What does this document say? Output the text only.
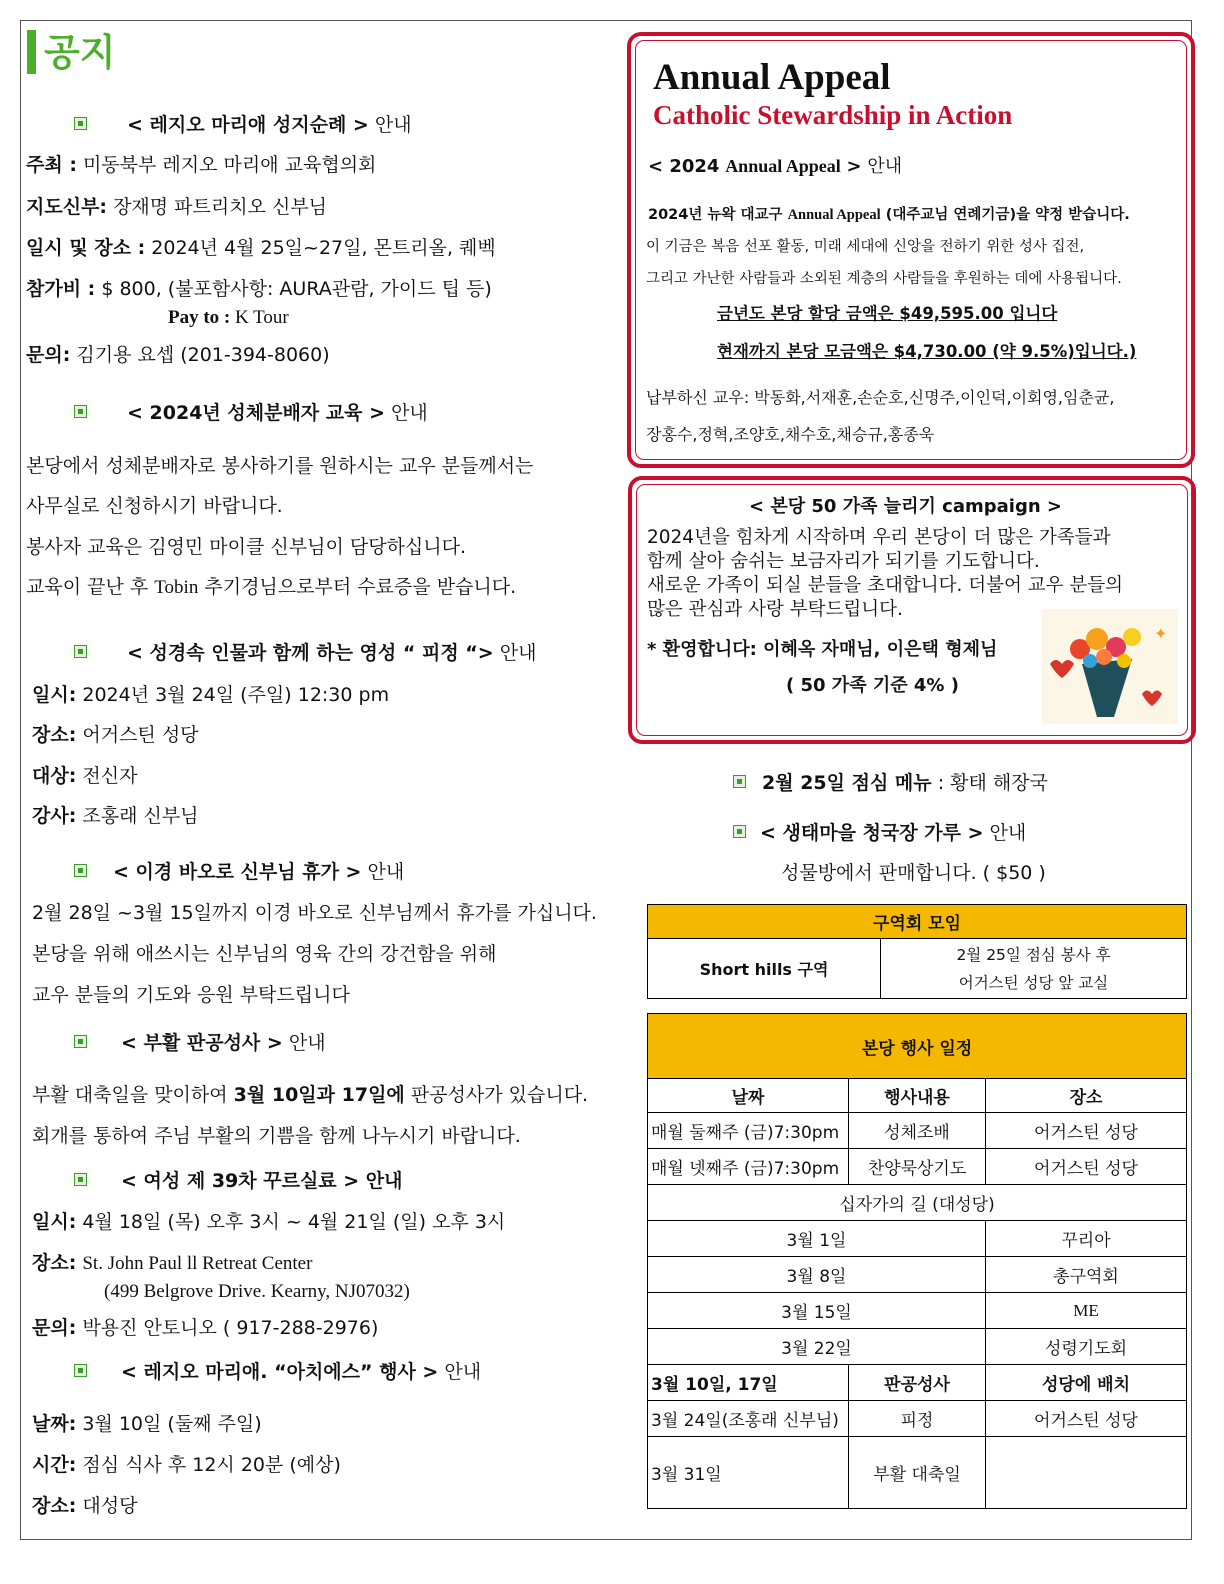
공지
< 레지오 마리애 성지순례 > 안내
주최 : 미동북부 레지오 마리애 교육협의회
지도신부: 장재명 파트리치오 신부님
일시 및 장소 : 2024년 4월 25일~27일, 몬트리올, 퀘벡
참가비 : $ 800, (불포함사항: AURA관람, 가이드 팁 등)
Pay to : K Tour
문의: 김기용 요셉 (201-394-8060)
< 2024년 성체분배자 교육 > 안내
본당에서 성체분배자로 봉사하기를 원하시는 교우 분들께서는
사무실로 신청하시기 바랍니다.
봉사자 교육은 김영민 마이클 신부님이 담당하십니다.
교육이 끝난 후 Tobin 추기경님으로부터 수료증을 받습니다.
< 성경속 인물과 함께 하는 영성 “ 피정 “> 안내
일시: 2024년 3월 24일 (주일) 12:30 pm
장소: 어거스틴 성당
대상: 전신자
강사: 조홍래 신부님
< 이경 바오로 신부님 휴가 > 안내
2월 28일 ~3월 15일까지 이경 바오로 신부님께서 휴가를 가십니다.
본당을 위해 애쓰시는 신부님의 영육 간의 강건함을 위해
교우 분들의 기도와 응원 부탁드립니다
< 부활 판공성사 > 안내
부활 대축일을 맞이하여 3월 10일과 17일에 판공성사가 있습니다.
회개를 통하여 주님 부활의 기쁨을 함께 나누시기 바랍니다.
< 여성 제 39차 꾸르실료 > 안내
일시: 4월 18일 (목) 오후 3시 ~ 4월 21일 (일) 오후 3시
장소: St. John Paul ll Retreat Center
(499 Belgrove Drive. Kearny, NJ07032)
문의: 박용진 안토니오 ( 917-288-2976)
< 레지오 마리애. “아치에스” 행사 > 안내
날짜: 3월 10일 (둘째 주일)
시간: 점심 식사 후 12시 20분 (예상)
장소: 대성당
Annual Appeal
Catholic Stewardship in Action
< 2024 Annual Appeal > 안내
2024년 뉴왁 대교구 Annual Appeal (대주교님 연례기금)을 약정 받습니다.
이 기금은 복음 선포 활동, 미래 세대에 신앙을 전하기 위한 성사 집전,
그리고 가난한 사람들과 소외된 계층의 사람들을 후원하는 데에 사용됩니다.
금년도 본당 할당 금액은 $49,595.00 입니다
현재까지 본당 모금액은 $4,730.00 (약 9.5%)입니다.)
납부하신 교우: 박동화,서재훈,손순호,신명주,이인덕,이회영,임춘균,
장홍수,정혁,조양호,채수호,채승규,홍종욱
< 본당 50 가족 늘리기 campaign >
2024년을 힘차게 시작하며 우리 본당이 더 많은 가족들과
함께 살아 숨쉬는 보금자리가 되기를 기도합니다.
새로운 가족이 되실 분들을 초대합니다. 더불어 교우 분들의
많은 관심과 사랑 부탁드립니다.
* 환영합니다: 이혜옥 자매님, 이은택 형제님
( 50 가족 기준 4% )
✦
2월 25일 점심 메뉴 : 황태 해장국
< 생태마을 청국장 가루 > 안내
성물방에서 판매합니다. ( $50 )
구역회 모임
Short hills 구역	2월 25일 점심 봉사 후
어거스틴 성당 앞 교실
본당 행사 일정		
날짜	행사내용	장소
매월 둘째주 (금)7:30pm	성체조배	어거스틴 성당
매월 넷째주 (금)7:30pm	찬양묵상기도	어거스틴 성당
십자가의 길 (대성당)		
3월 1일		꾸리아
3월 8일		총구역회
3월 15일		ME
3월 22일		성령기도회
3월 10일, 17일	판공성사	성당에 배치
3월 24일(조홍래 신부님)	피정	어거스틴 성당
3월 31일	부활 대축일	
